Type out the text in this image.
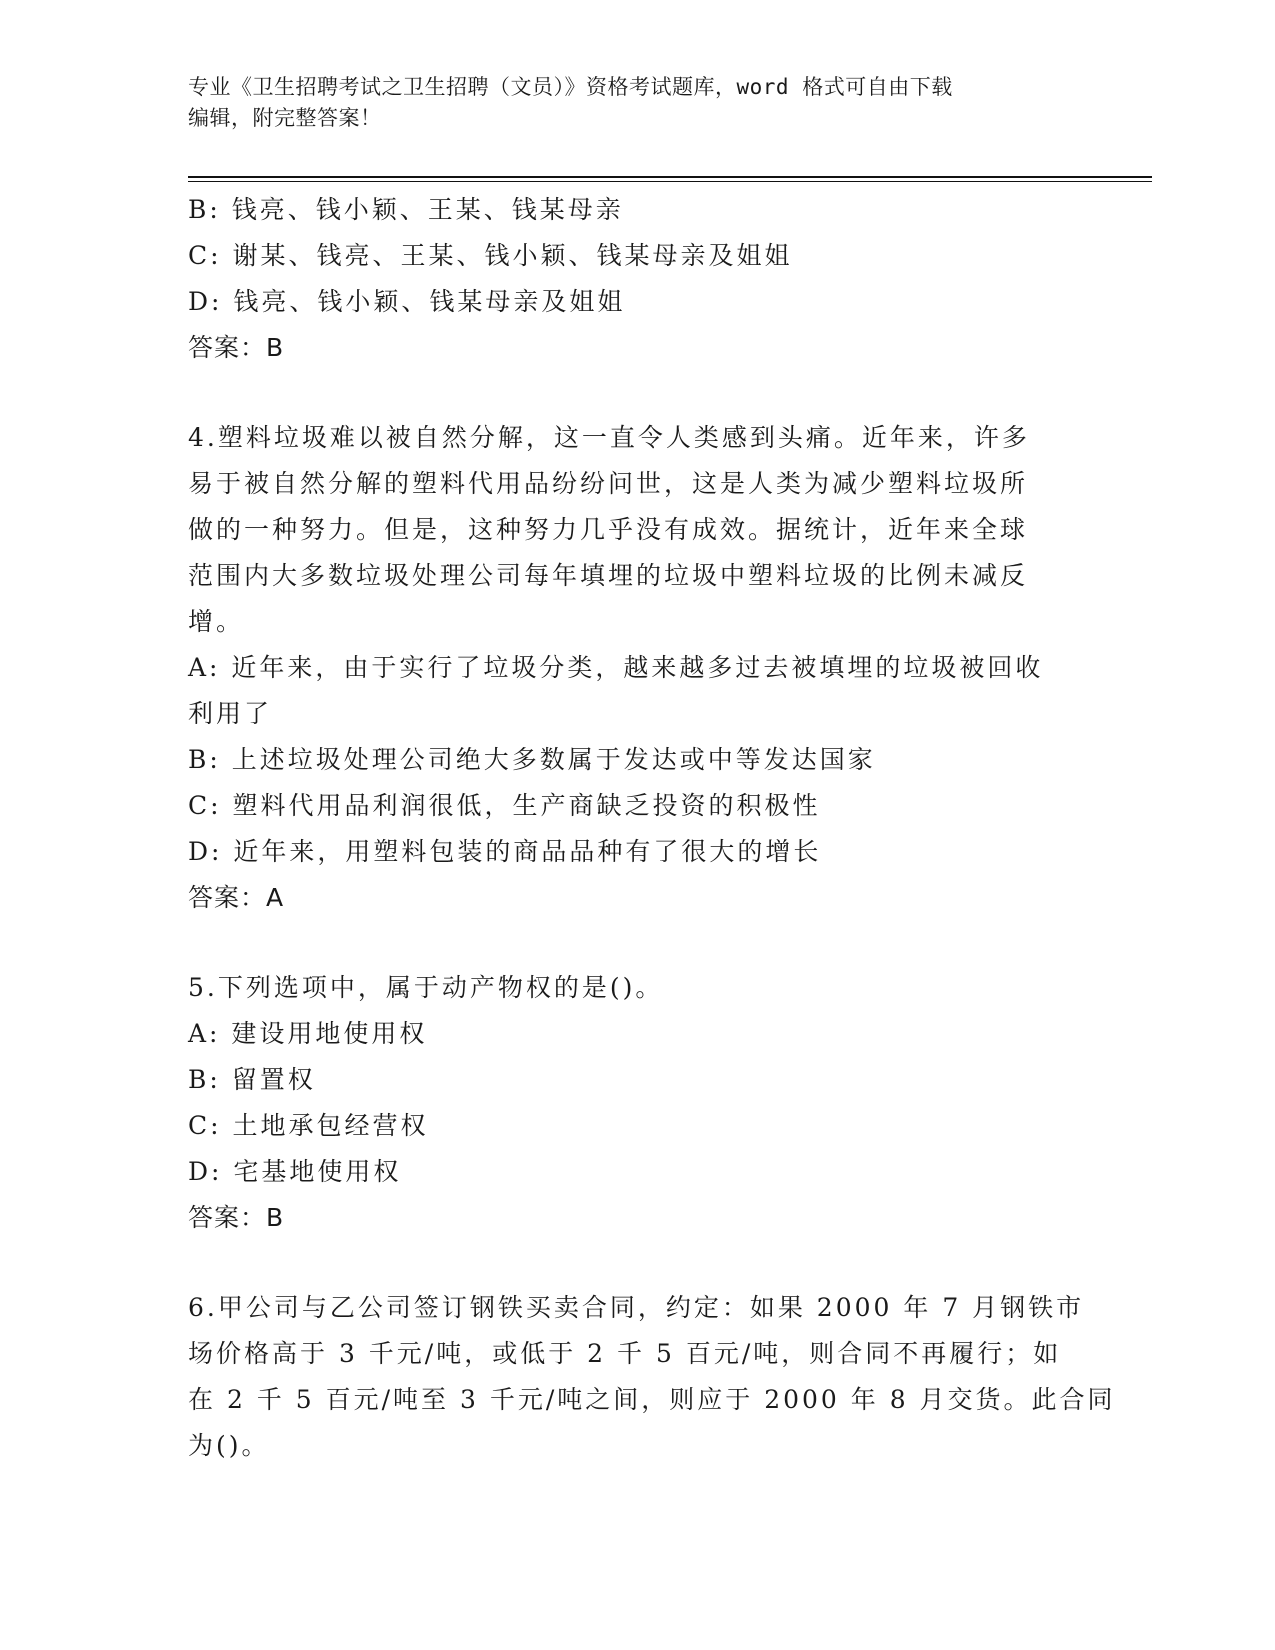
专业《卫生招聘考试之卫生招聘（文员）》资格考试题库，word 格式可自由下载
编辑，附完整答案！
B: 钱亮、钱小颖、王某、钱某母亲
C: 谢某、钱亮、王某、钱小颖、钱某母亲及姐姐
D: 钱亮、钱小颖、钱某母亲及姐姐
答案：B
4.塑料垃圾难以被自然分解，这一直令人类感到头痛。近年来，许多
易于被自然分解的塑料代用品纷纷问世，这是人类为减少塑料垃圾所
做的一种努力。但是，这种努力几乎没有成效。据统计，近年来全球
范围内大多数垃圾处理公司每年填埋的垃圾中塑料垃圾的比例未减反
增。
A: 近年来，由于实行了垃圾分类，越来越多过去被填埋的垃圾被回收
利用了
B: 上述垃圾处理公司绝大多数属于发达或中等发达国家
C: 塑料代用品利润很低，生产商缺乏投资的积极性
D: 近年来，用塑料包装的商品品种有了很大的增长
答案：A
5.下列选项中，属于动产物权的是()。
A: 建设用地使用权
B: 留置权
C: 土地承包经营权
D: 宅基地使用权
答案：B
6.甲公司与乙公司签订钢铁买卖合同，约定：如果 2000 年 7 月钢铁市
场价格高于 3 千元/吨，或低于 2 千 5 百元/吨，则合同不再履行；如
在 2 千 5 百元/吨至 3 千元/吨之间，则应于 2000 年 8 月交货。此合同
为()。
